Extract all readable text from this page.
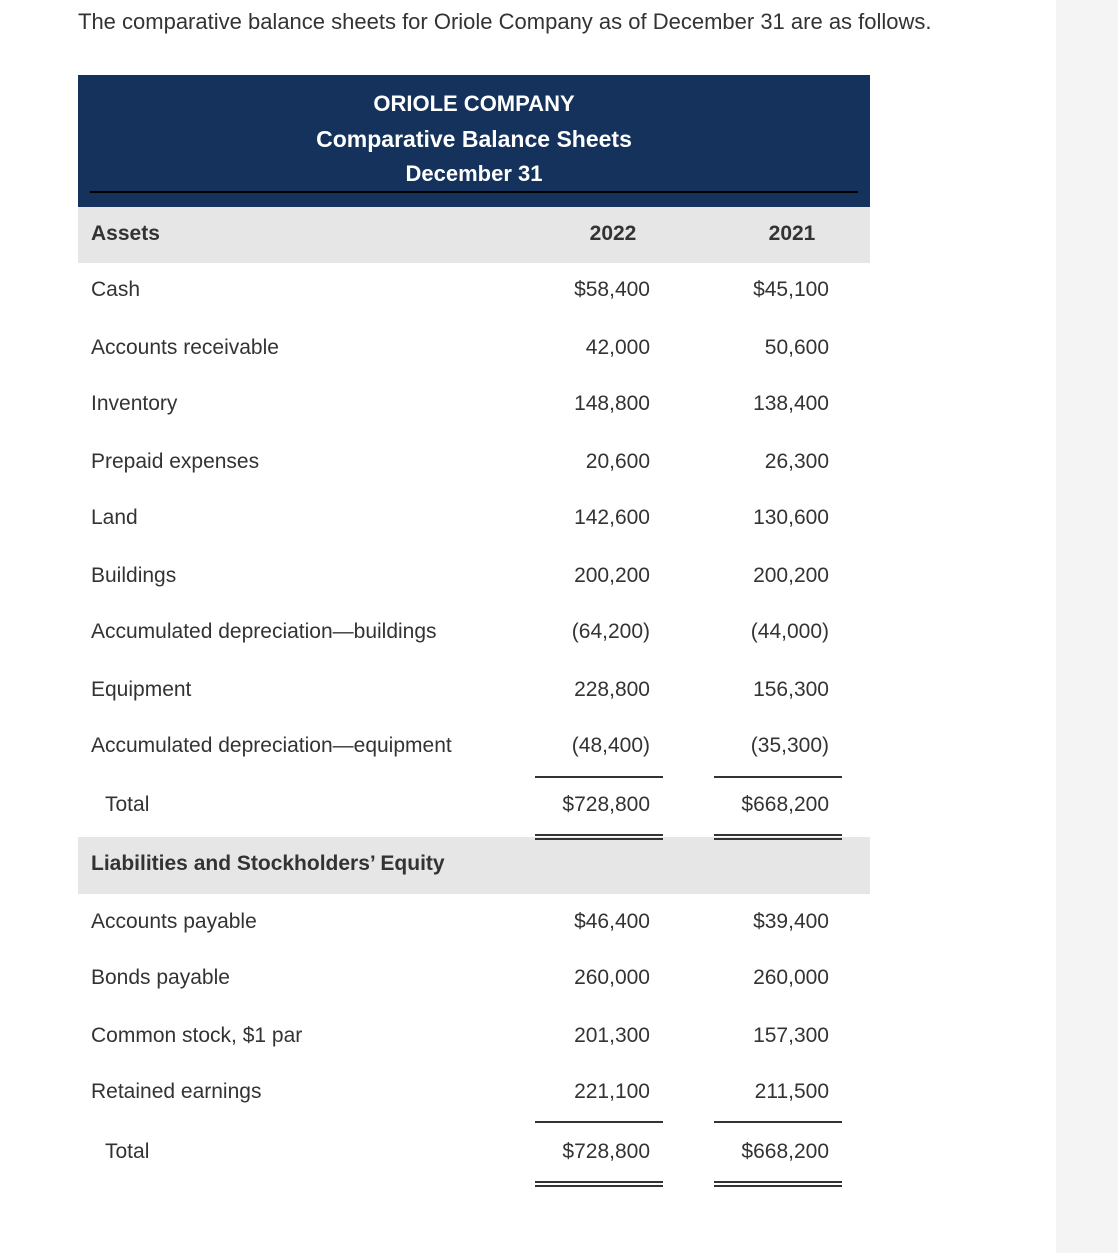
The comparative balance sheets for Oriole Company as of December 31 are as follows.
ORIOLE COMPANY
Comparative Balance Sheets
December 31
Assets	2022	2021
Cash	$58,400	$45,100
Accounts receivable	42,000	50,600
Inventory	148,800	138,400
Prepaid expenses	20,600	26,300
Land	142,600	130,600
Buildings	200,200	200,200
Accumulated depreciation—buildings	(64,200)	(44,000)
Equipment	228,800	156,300
Accumulated depreciation—equipment	(48,400)	(35,300)
Total	$728,800	$668,200
Liabilities and Stockholders’ Equity
Accounts payable	$46,400	$39,400
Bonds payable	260,000	260,000
Common stock, $1 par	201,300	157,300
Retained earnings	221,100	211,500
Total	$728,800	$668,200
